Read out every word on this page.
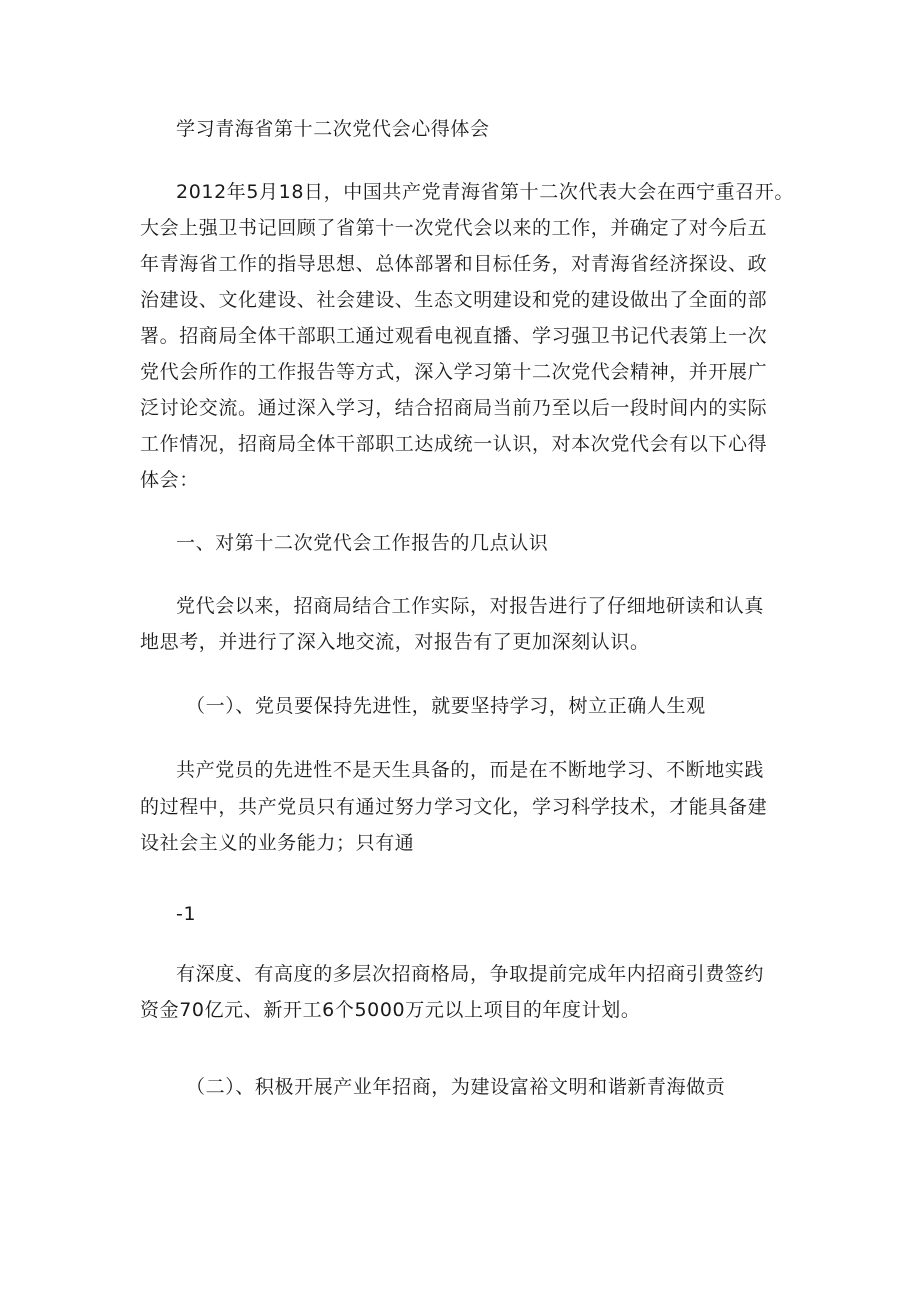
学习青海省第十二次党代会心得体会
2012年5月18日，中国共产党青海省第十二次代表大会在西宁重召开。
大会上强卫书记回顾了省第十一次党代会以来的工作，并确定了对今后五
年青海省工作的指导思想、总体部署和目标任务，对青海省经济探设、政
治建设、文化建设、社会建设、生态文明建设和党的建设做出了全面的部
署。招商局全体干部职工通过观看电视直播、学习强卫书记代表第上一次
党代会所作的工作报告等方式，深入学习第十二次党代会精神，并开展广
泛讨论交流。通过深入学习，结合招商局当前乃至以后一段时间内的实际
工作情况，招商局全体干部职工达成统一认识，对本次党代会有以下心得
体会：
一、对第十二次党代会工作报告的几点认识
党代会以来，招商局结合工作实际，对报告进行了仔细地研读和认真
地思考，并进行了深入地交流，对报告有了更加深刻认识。
（一）、党员要保持先进性，就要坚持学习，树立正确人生观
共产党员的先进性不是天生具备的，而是在不断地学习、不断地实践
的过程中，共产党员只有通过努力学习文化，学习科学技术，才能具备建
设社会主义的业务能力；只有通
-1
有深度、有高度的多层次招商格局，争取提前完成年内招商引费签约
资金70亿元、新开工6个5000万元以上项目的年度计划。
（二）、积极开展产业年招商，为建设富裕文明和谐新青海做贡
